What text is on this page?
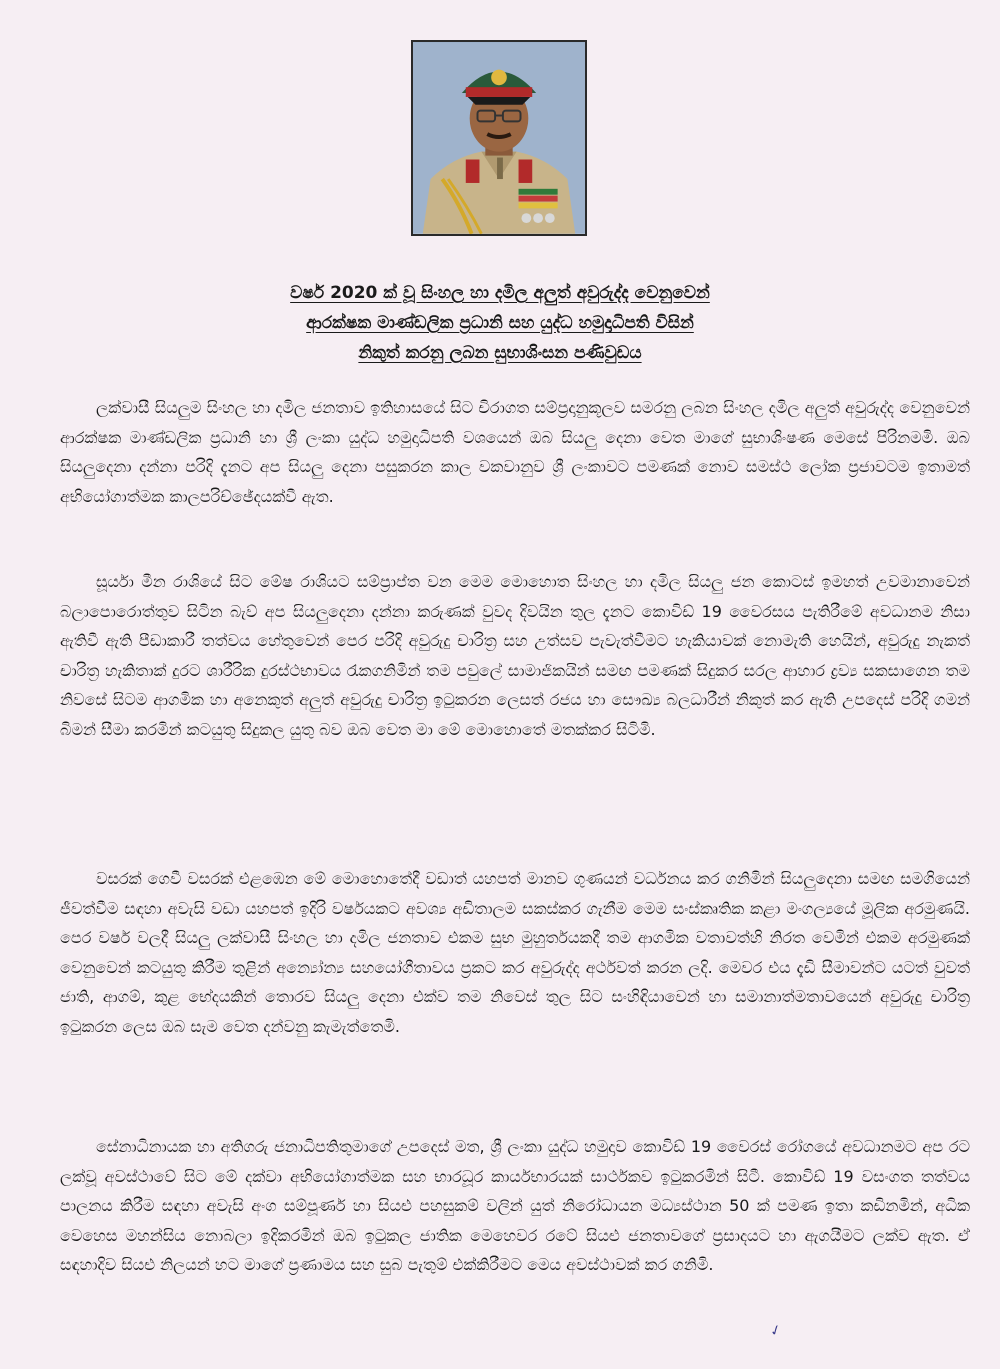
වර්ෂ 2020 ක් වූ සිංහල හා දමිල අලුත් අවුරුද්ද වෙනුවෙන්
ආරක්ෂක මාණ්ඩලික ප්‍රධානි සහ යුද්ධ හමුදාධිපති විසින්
නිකුත් කරනු ලබන සුභාශිංසන පණිවුඩය

ලක්වාසී සියලුම සිංහල හා දමිල ජනතාව ඉතිහාසයේ සිට චිරාගත සම්ප්‍රදානුකූලව සමරනු ලබන සිංහල දමිල අලුත් අවුරුද්ද වෙනුවෙන් ආරක්ෂක මාණ්ඩලික ප්‍රධානි හා ශ්‍රී ලංකා යුද්ධ හමුදාධිපති වශයෙන් ඔබ සියලු දෙනා වෙත මාගේ සුභාශිංෂණ මෙසේ පිරිනමමි. ඔබ සියලුදෙනා දන්නා පරිදි දැනට අප සියලු දෙනා පසුකරන කාල වකවානුව ශ්‍රී ලංකාවට පමණක් නොව සමස්ථ ලෝක ප්‍රජාවටම ඉතාමත් අභියෝගාත්මක කාලපරිච්ඡේදයක්වී ඇත.

සූර්යා මීන රාශියේ සිට මේෂ රාශියට සම්ප්‍රාප්ත වන මෙම මොහොත සිංහල හා දමිල සියලු ජන කොටස් ඉමහත් උවමානාවෙන් බලාපොරොත්තුව සිටින බැව් අප සියලුදෙනා දන්නා කරුණක් වුවද දිවයින තුල දැනට කොවිඩ් 19 වෛරසය පැතිරීමේ අවධානම නිසා ඇතිවී ඇති පීඩාකාරී තත්වය හේතුවෙන් පෙර පරිදි අවුරුදු චාරිත්‍ර සහ උත්සව පැවැත්වීමට හැකියාවක් නොමැති හෙයින්, අවුරුදු නැකත් චාරිත්‍ර හැකිතාක් දුරට ශාරීරික දුරස්ථභාවය රැකගනිමින් තම පවුලේ සාමාජිකයින් සමඟ පමණක් සිදුකර සරල ආහාර ද්‍රව්‍ය සකසාගෙන තම නිවසේ සිටම ආගමික හා අනෙකුත් අලුත් අවුරුදු චාරිත්‍ර ඉටුකරන ලෙසත් රජය හා සෞඛ්‍ය බලධාරීන් නිකුත් කර ඇති උපදෙස් පරිදි ගමන් බිමන් සීමා කරමින් කටයුතු සිදුකල යුතු බව ඔබ වෙත මා මේ මොහොතේ මතක්කර සිටිමි.

වසරක් ගෙවී වසරක් එළඹෙන මේ මොහොතේදී වඩාත් යහපත් මානව ගුණයන් වර්ධනය කර ගනිමින් සියලුදෙනා සමඟ සමගියෙන් ජීවත්වීම සඳහා අවැසි වඩා යහපත් ඉදිරි වර්ෂයකට අවශ්‍ය අඩිතාලම සකස්කර ගැනීම මෙම සංස්කෘතික කළා මංගල්‍යයේ මූලික අරමුණයි. පෙර වර්ෂ වලදී සියලු ලක්වාසී සිංහල හා දමිල ජනතාව එකම සුභ මුහුර්තයකදී තම ආගමික වතාවත්හි නිරත වෙමින් එකම අරමුණක් වෙනුවෙන් කටයුතු කිරීම තුළින් අන්‍යෝන්‍ය සහයෝගීතාවය ප්‍රකට කර අවුරුද්ද අර්ථවත් කරන ලදි. මෙවර එය දැඩි සීමාවන්ට යටත් වුවත් ජාති, ආගම්, කුළ භේදයකින් තොරව සියලු දෙනා එක්ව තම නිවෙස් තුල සිට සංහිඳියාවෙන් හා සමානාත්මතාවයෙන් අවුරුදු චාරිත්‍ර ඉටුකරන ලෙස ඔබ සැම වෙත දන්වනු කැමැත්තෙමි.

සේනාධිනායක හා අතිගරු ජනාධිපතිතුමාගේ උපදෙස් මත, ශ්‍රී ලංකා යුද්ධ හමුදාව කොවිඩ් 19 වෛරස් රෝගයේ අවධානමට අප රට ලක්වූ අවස්ථාවේ සිට මේ දක්වා අභියෝගාත්මක සහ භාරධූර කාර්යභාරයක් සාර්ථකව ඉටුකරමින් සිටී. කොවිඩ් 19 වසංගත තත්වය පාලනය කිරීම සඳහා අවැසි අංග සම්පූර්ණ හා සියළු පහසුකම් වලින් යුත් නිරෝධායන මධ්‍යස්ථාන 50 ක් පමණ ඉතා කඩිනමින්, අධික වෙහෙස මහන්සිය නොබලා ඉදිකරමින් ඔබ ඉටුකල ජාතික මෙහෙවර රටේ සියළු ජනතාවගේ ප්‍රසාදයට හා ඇගයීමට ලක්ව ඇත. ඒ සඳහාදිව සියළු නිලයන් හට මාගේ ප්‍රණාමය සහ සුබ පැතුම් එක්කිරීමට මෙය අවස්ථාවක් කර ගනිමි.

✓
